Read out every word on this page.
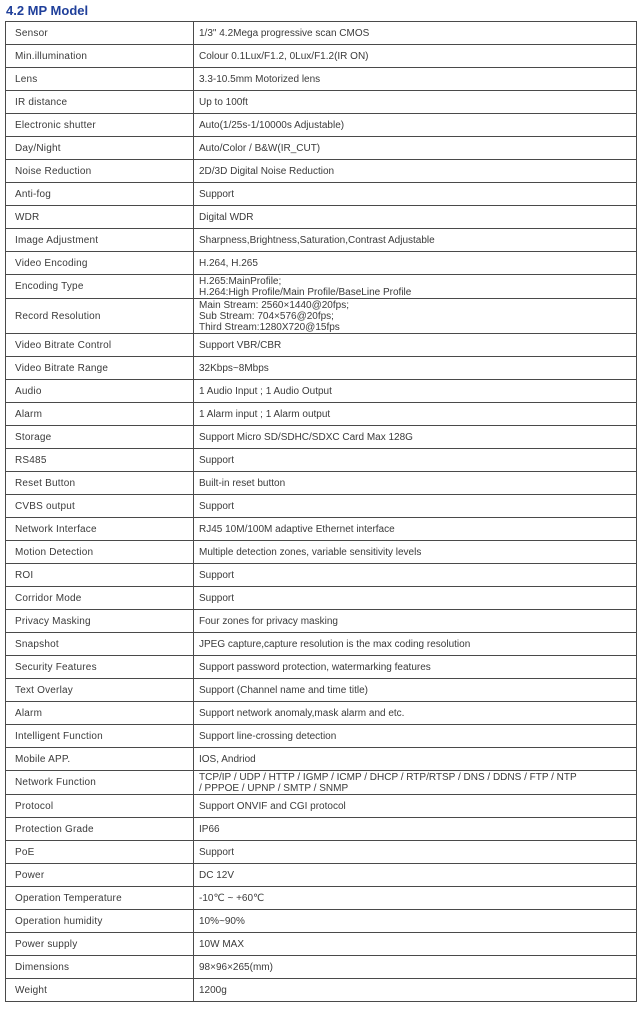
4.2 MP Model
Sensor	1/3" 4.2Mega progressive scan CMOS

Min.illumination	Colour 0.1Lux/F1.2, 0Lux/F1.2(IR ON)

Lens	3.3-10.5mm Motorized lens

IR distance	Up to 100ft

Electronic shutter	Auto(1/25s-1/10000s Adjustable)

Day/Night	Auto/Color / B&W(IR_CUT)

Noise Reduction	2D/3D Digital Noise Reduction

Anti-fog	Support

WDR	Digital WDR

Image Adjustment	Sharpness,Brightness,Saturation,Contrast Adjustable

Video Encoding	H.264, H.265

Encoding Type	H.265:MainProfile;
H.264:High Profile/Main Profile/BaseLine Profile

Record Resolution	Main Stream: 2560×1440@20fps;
Sub Stream: 704×576@20fps;
Third Stream:1280X720@15fps

Video Bitrate Control	Support VBR/CBR

Video Bitrate Range	32Kbps~8Mbps

Audio	1 Audio Input ; 1 Audio Output

Alarm	1 Alarm input ; 1 Alarm output

Storage	Support Micro SD/SDHC/SDXC Card Max 128G

RS485	Support

Reset Button	Built-in reset button

CVBS output	Support

Network Interface	RJ45 10M/100M adaptive Ethernet interface

Motion Detection	Multiple detection zones, variable sensitivity levels

ROI	Support

Corridor Mode	Support

Privacy Masking	Four zones for privacy masking

Snapshot	JPEG capture,capture resolution is the max coding resolution

Security Features	Support password protection, watermarking features

Text Overlay	Support (Channel name and time title)

Alarm	Support network anomaly,mask alarm and etc.

Intelligent Function	Support line-crossing detection

Mobile APP.	IOS, Andriod

Network Function	TCP/IP / UDP / HTTP / IGMP / ICMP / DHCP / RTP/RTSP / DNS / DDNS / FTP / NTP
/ PPPOE / UPNP / SMTP / SNMP

Protocol	Support ONVIF and CGI protocol

Protection Grade	IP66

PoE	Support

Power	DC 12V

Operation Temperature	-10℃ ~ +60℃

Operation humidity	10%~90%

Power supply	10W MAX

Dimensions	98×96×265(mm)

Weight	1200g
